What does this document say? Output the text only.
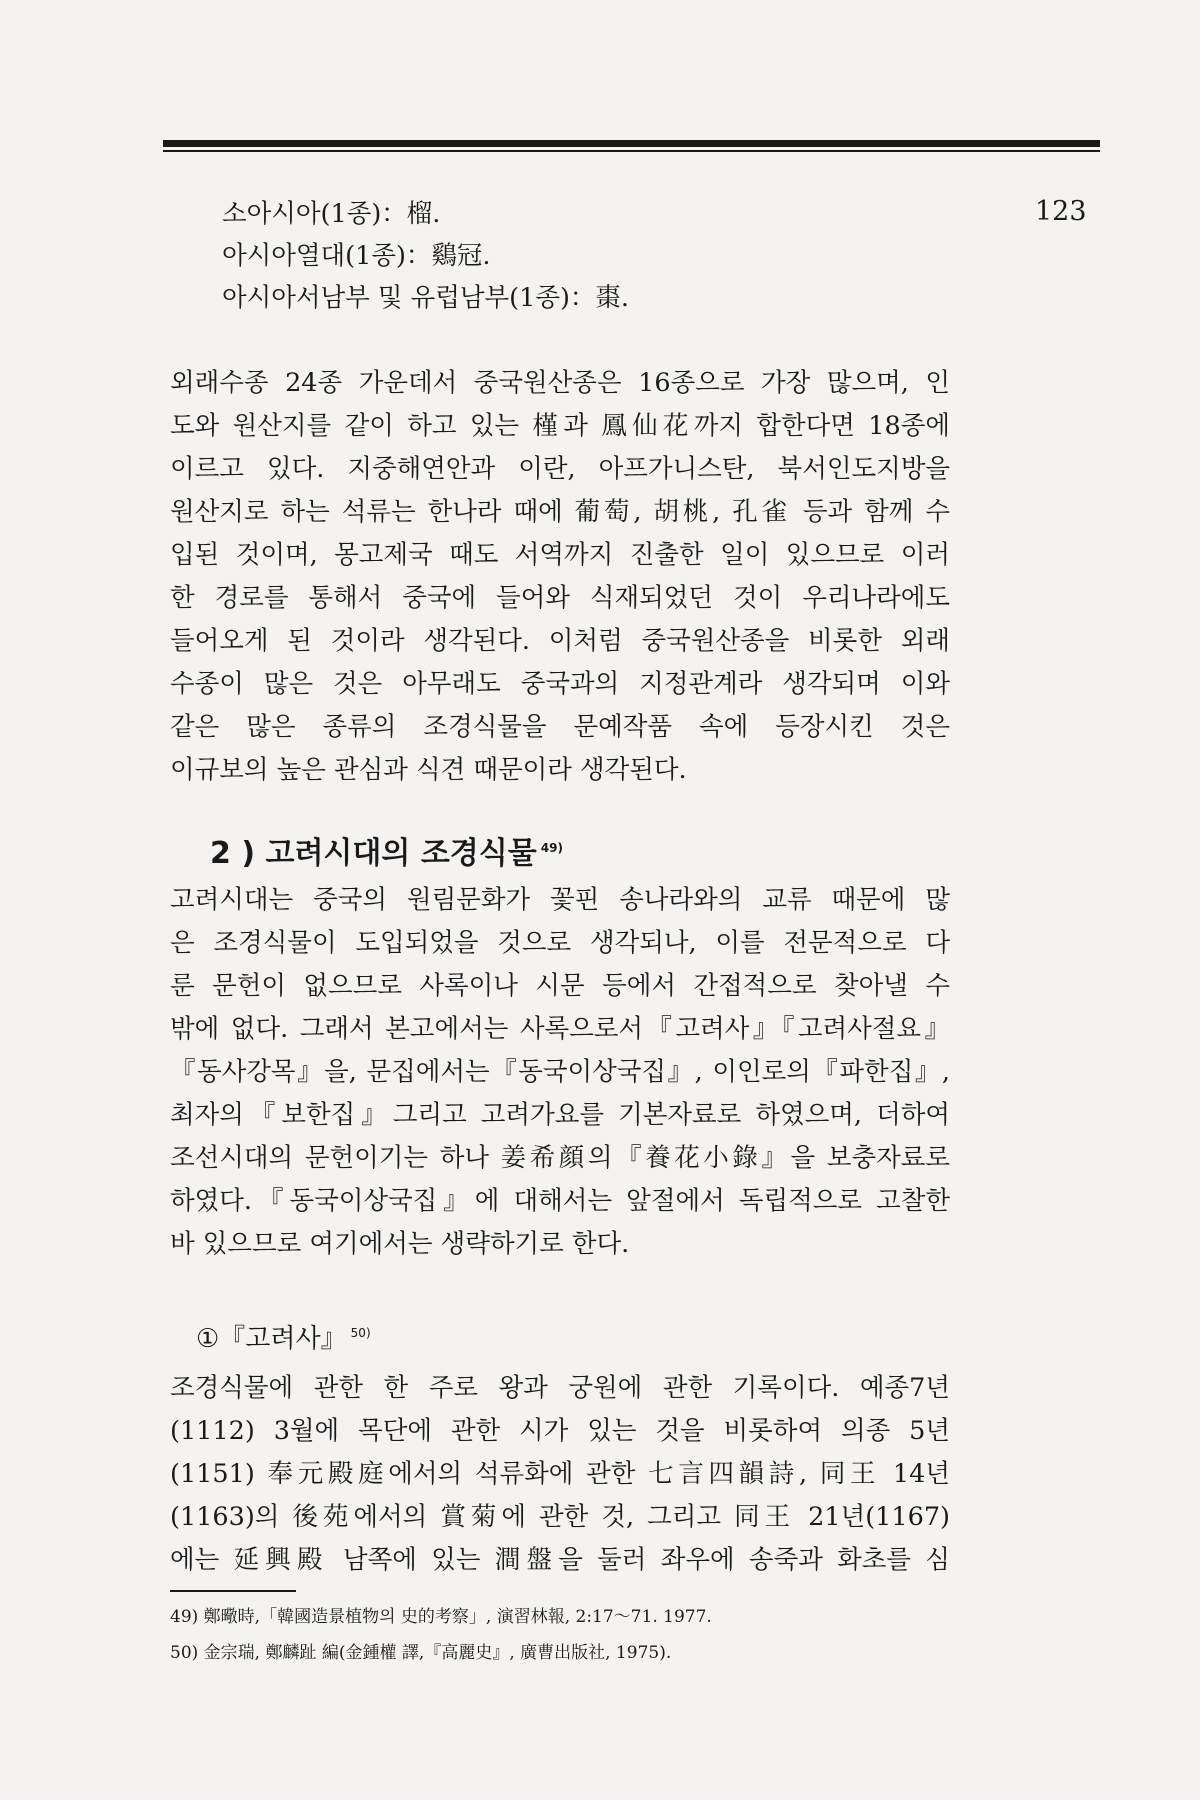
123
소아시아(1종)：榴.
아시아열대(1종)：鷄冠.
아시아서남부 및 유럽남부(1종)：棗.
외래수종 24종 가운데서 중국원산종은 16종으로 가장 많으며, 인
도와 원산지를 같이 하고 있는 槿과 鳳仙花까지 합한다면 18종에
이르고 있다. 지중해연안과 이란, 아프가니스탄, 북서인도지방을
원산지로 하는 석류는 한나라 때에 葡萄, 胡桃, 孔雀 등과 함께 수
입된 것이며, 몽고제국 때도 서역까지 진출한 일이 있으므로 이러
한 경로를 통해서 중국에 들어와 식재되었던 것이 우리나라에도
들어오게 된 것이라 생각된다. 이처럼 중국원산종을 비롯한 외래
수종이 많은 것은 아무래도 중국과의 지정관계라 생각되며 이와
같은 많은 종류의 조경식물을 문예작품 속에 등장시킨 것은
이규보의 높은 관심과 식견 때문이라 생각된다.
2 ) 고려시대의 조경식물 $^{49)}$
고려시대는 중국의 원림문화가 꽃핀 송나라와의 교류 때문에 많
은 조경식물이 도입되었을 것으로 생각되나, 이를 전문적으로 다
룬 문헌이 없으므로 사록이나 시문 등에서 간접적으로 찾아낼 수
밖에 없다. 그래서 본고에서는 사록으로서『고려사』『고려사절요』
『동사강목』을, 문집에서는『동국이상국집』, 이인로의『파한집』,
최자의『보한집』그리고 고려가요를 기본자료로 하였으며, 더하여
조선시대의 문헌이기는 하나 姜希顔의『養花小錄』을 보충자료로
하였다.『동국이상국집』에 대해서는 앞절에서 독립적으로 고찰한
바 있으므로 여기에서는 생략하기로 한다.
①『고려사』 $^{50)}$
조경식물에 관한 한 주로 왕과 궁원에 관한 기록이다. 예종7년
(1112) 3월에 목단에 관한 시가 있는 것을 비롯하여 의종 5년
(1151) 奉元殿庭에서의 석류화에 관한 七言四韻詩, 同王 14년
(1163)의 後苑에서의 賞菊에 관한 것, 그리고 同王 21년(1167)
에는 延興殿 남쪽에 있는 澗盤을 둘러 좌우에 송죽과 화초를 심
49) 鄭曔時,「韓國造景植物의 史的考察」, 演習林報, 2:17～71. 1977.
50) 金宗瑞, 鄭麟趾 編(金鍾權 譯,『高麗史』, 廣曹出版社, 1975).
